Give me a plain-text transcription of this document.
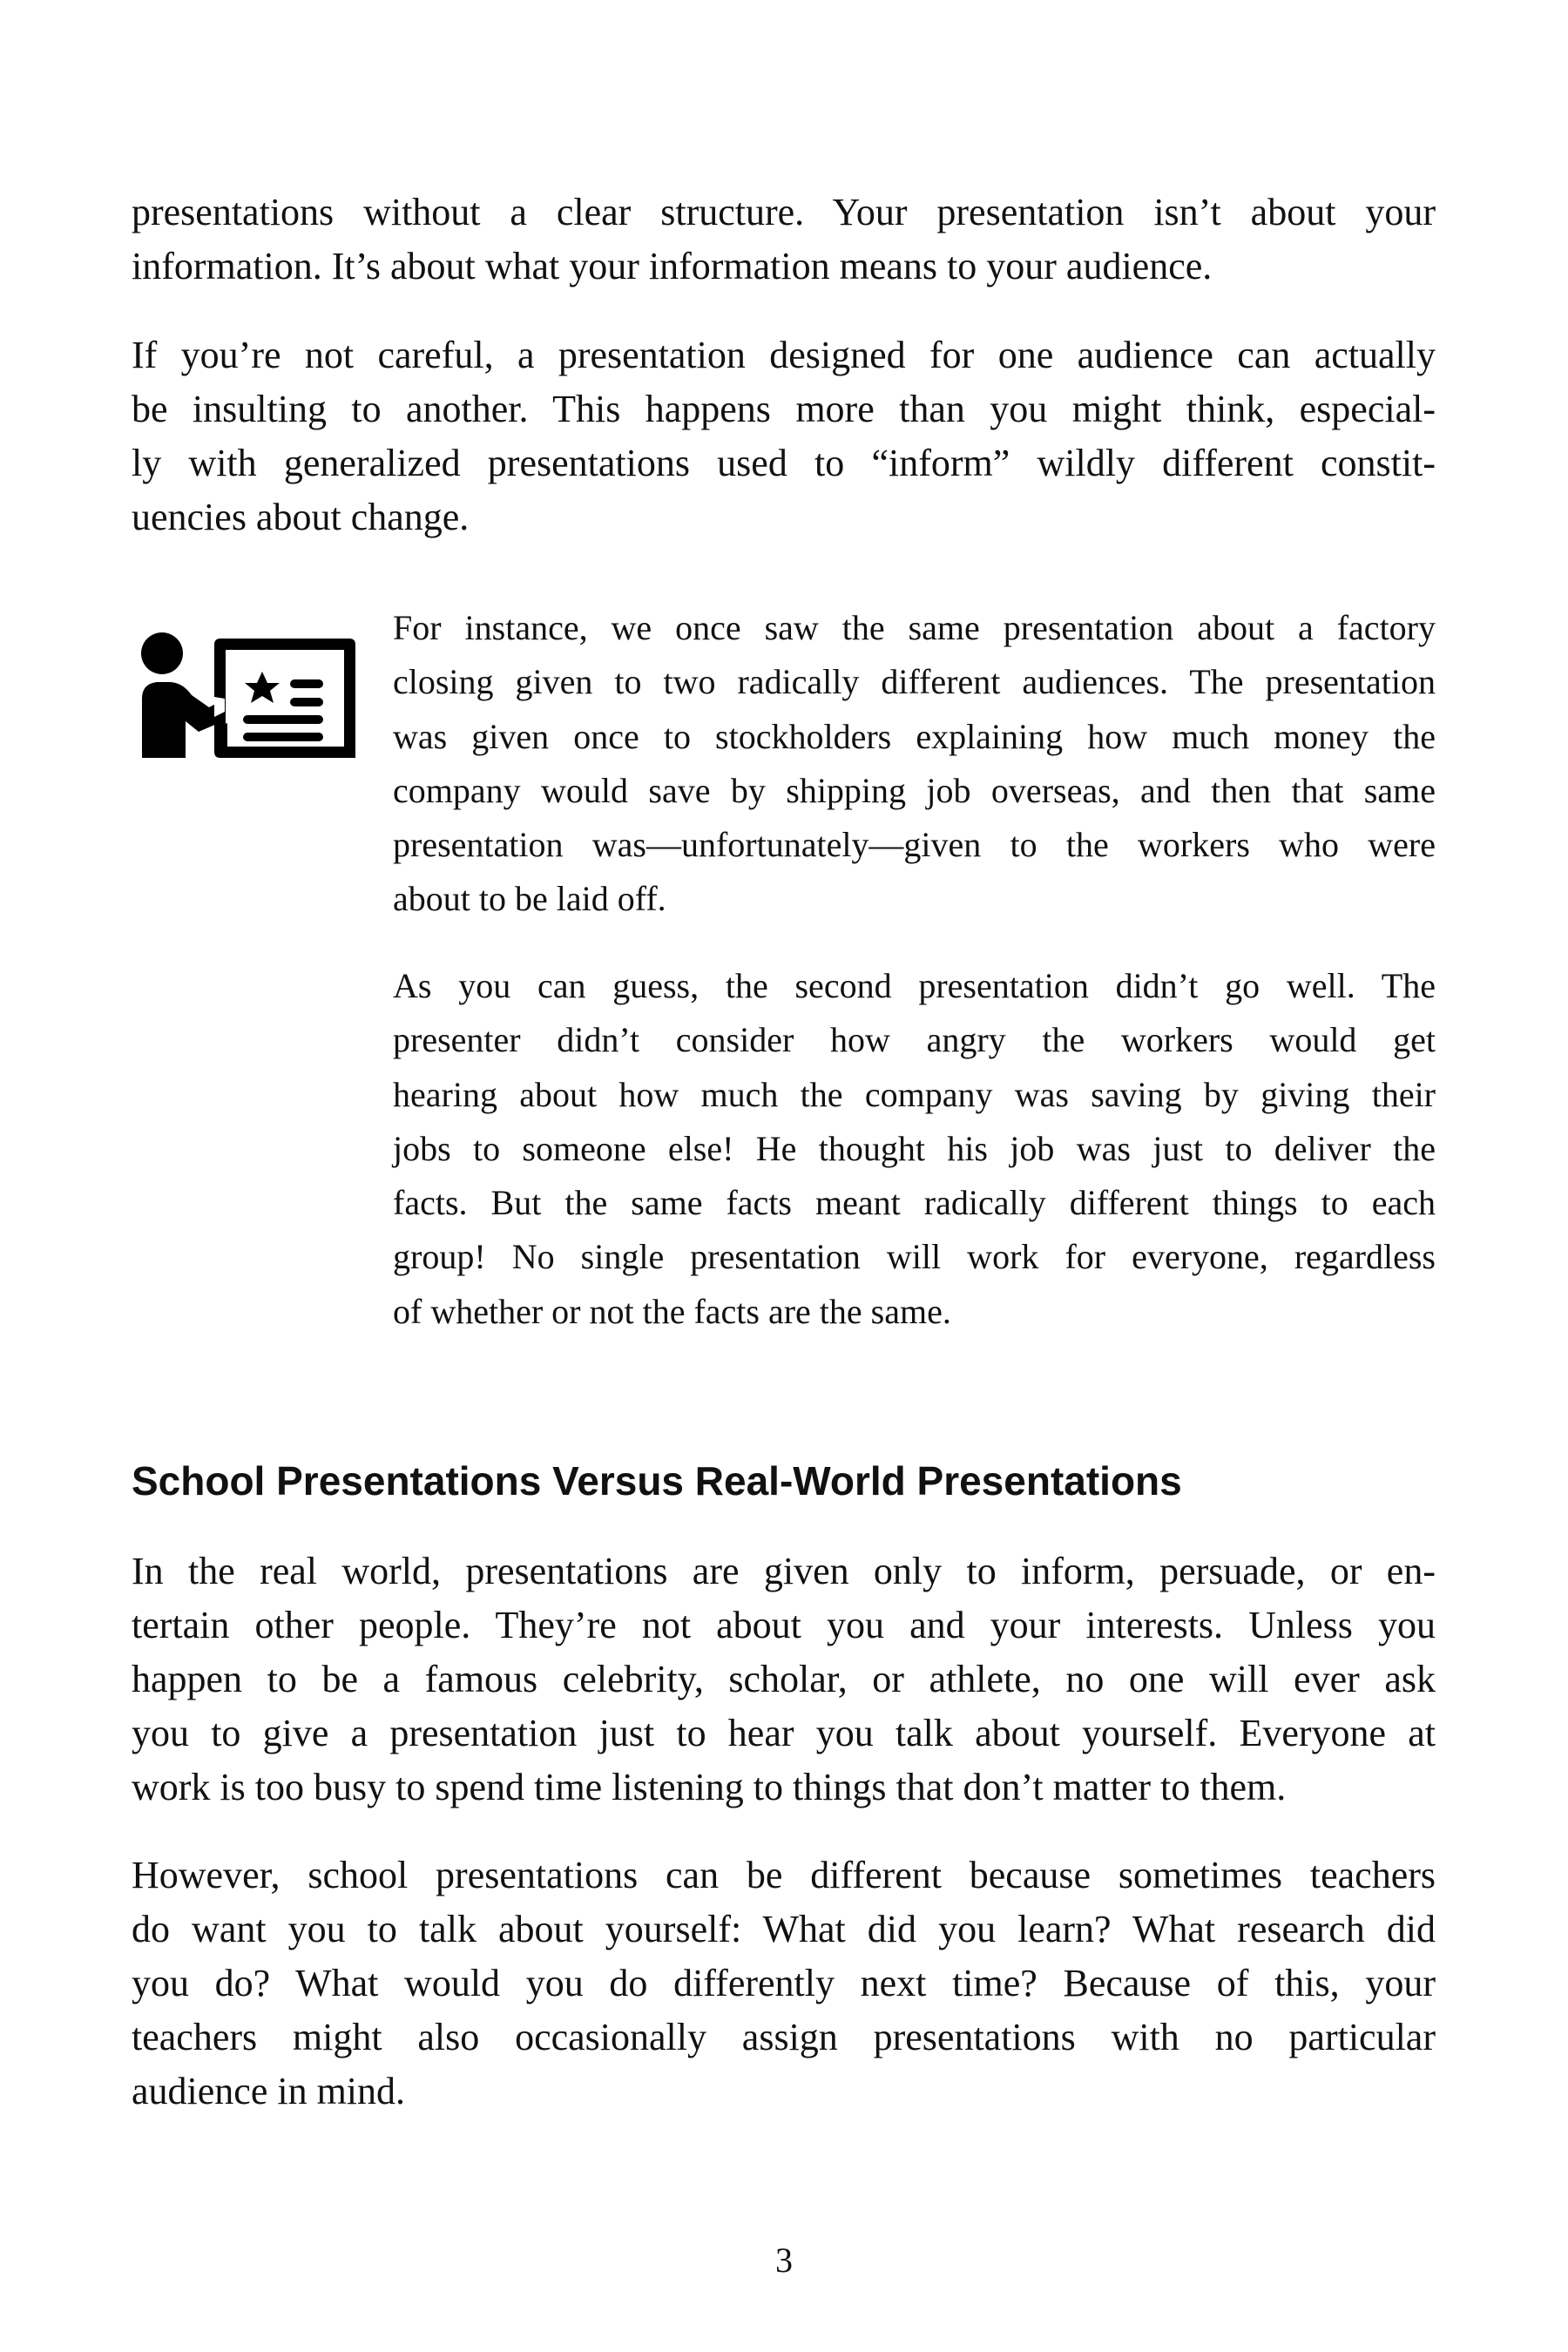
presentations without a clear structure. Your presentation isn’t about your
information. It’s about what your information means to your audience.
If you’re not careful, a presentation designed for one audience can actually
be insulting to another. This happens more than you might think, especial-
ly with generalized presentations used to “inform” wildly different constit-
uencies about change.
For instance, we once saw the same presentation about a factory
closing given to two radically different audiences. The presentation
was given once to stockholders explaining how much money the
company would save by shipping job overseas, and then that same
presentation was—unfortunately—given to the workers who were
about to be laid off.
As you can guess, the second presentation didn’t go well. The
presenter didn’t consider how angry the workers would get
hearing about how much the company was saving by giving their
jobs to someone else! He thought his job was just to deliver the
facts. But the same facts meant radically different things to each
group! No single presentation will work for everyone, regardless
of whether or not the facts are the same.
School Presentations Versus Real-World Presentations
In the real world, presentations are given only to inform, persuade, or en-
tertain other people. They’re not about you and your interests. Unless you
happen to be a famous celebrity, scholar, or athlete, no one will ever ask
you to give a presentation just to hear you talk about yourself. Everyone at
work is too busy to spend time listening to things that don’t matter to them.
However, school presentations can be different because sometimes teachers
do want you to talk about yourself: What did you learn? What research did
you do? What would you do differently next time? Because of this, your
teachers might also occasionally assign presentations with no particular
audience in mind.
3
